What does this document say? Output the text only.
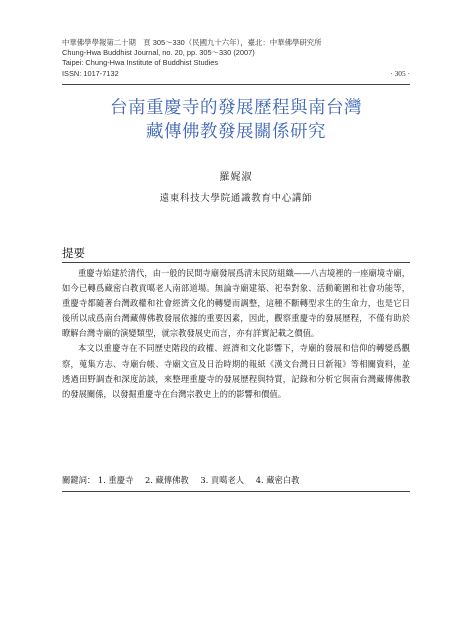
中華佛學學報第二十期　頁 305～330（民國九十六年），臺北：中華佛學研究所
Chung-Hwa Buddhist Journal, no. 20, pp. 305～330 (2007)
Taipei: Chung-Hwa Institute of Buddhist Studies
ISSN: 1017-7132	· 305 ·
台南重慶寺的發展歷程與南台灣
藏傳佛教發展關係研究
羅娓淑
遠東科技大學院通識教育中心講師
提要

重慶寺始建於清代，由一般的民間寺廟發展爲清末民防組織——八吉境裡的一座廟境寺廟，如今已轉爲藏密白教貢噶老人南部道場。無論寺廟建築、祀奉對象、活動範圍和社會功能等，重慶寺都隨著台灣政權和社會經濟文化的轉變而調整，這種不斷轉型求生的生命力，也是它日後所以成爲南台灣藏傳佛教發展依據的重要因素，因此，觀察重慶寺的發展歷程，不僅有助於瞭解台灣寺廟的演變類型，就宗教發展史而言，亦有詳實記載之價值。

本文以重慶寺在不同歷史階段的政權、經濟和文化影響下，寺廟的發展和信仰的轉變爲觀察，蒐集方志、寺廟台帳、寺廟文宣及日治時期的報紙《漢文台灣日日新報》等相關資料，並透過田野調查和深度訪談，來整理重慶寺的發展歷程與特質，記錄和分析它與南台灣藏傳佛教的發展關係，以發掘重慶寺在台灣宗教史上的的影響和價值。

關鍵詞： 1. 重慶寺 2. 藏傳佛教 3. 貢噶老人 4. 藏密白教
